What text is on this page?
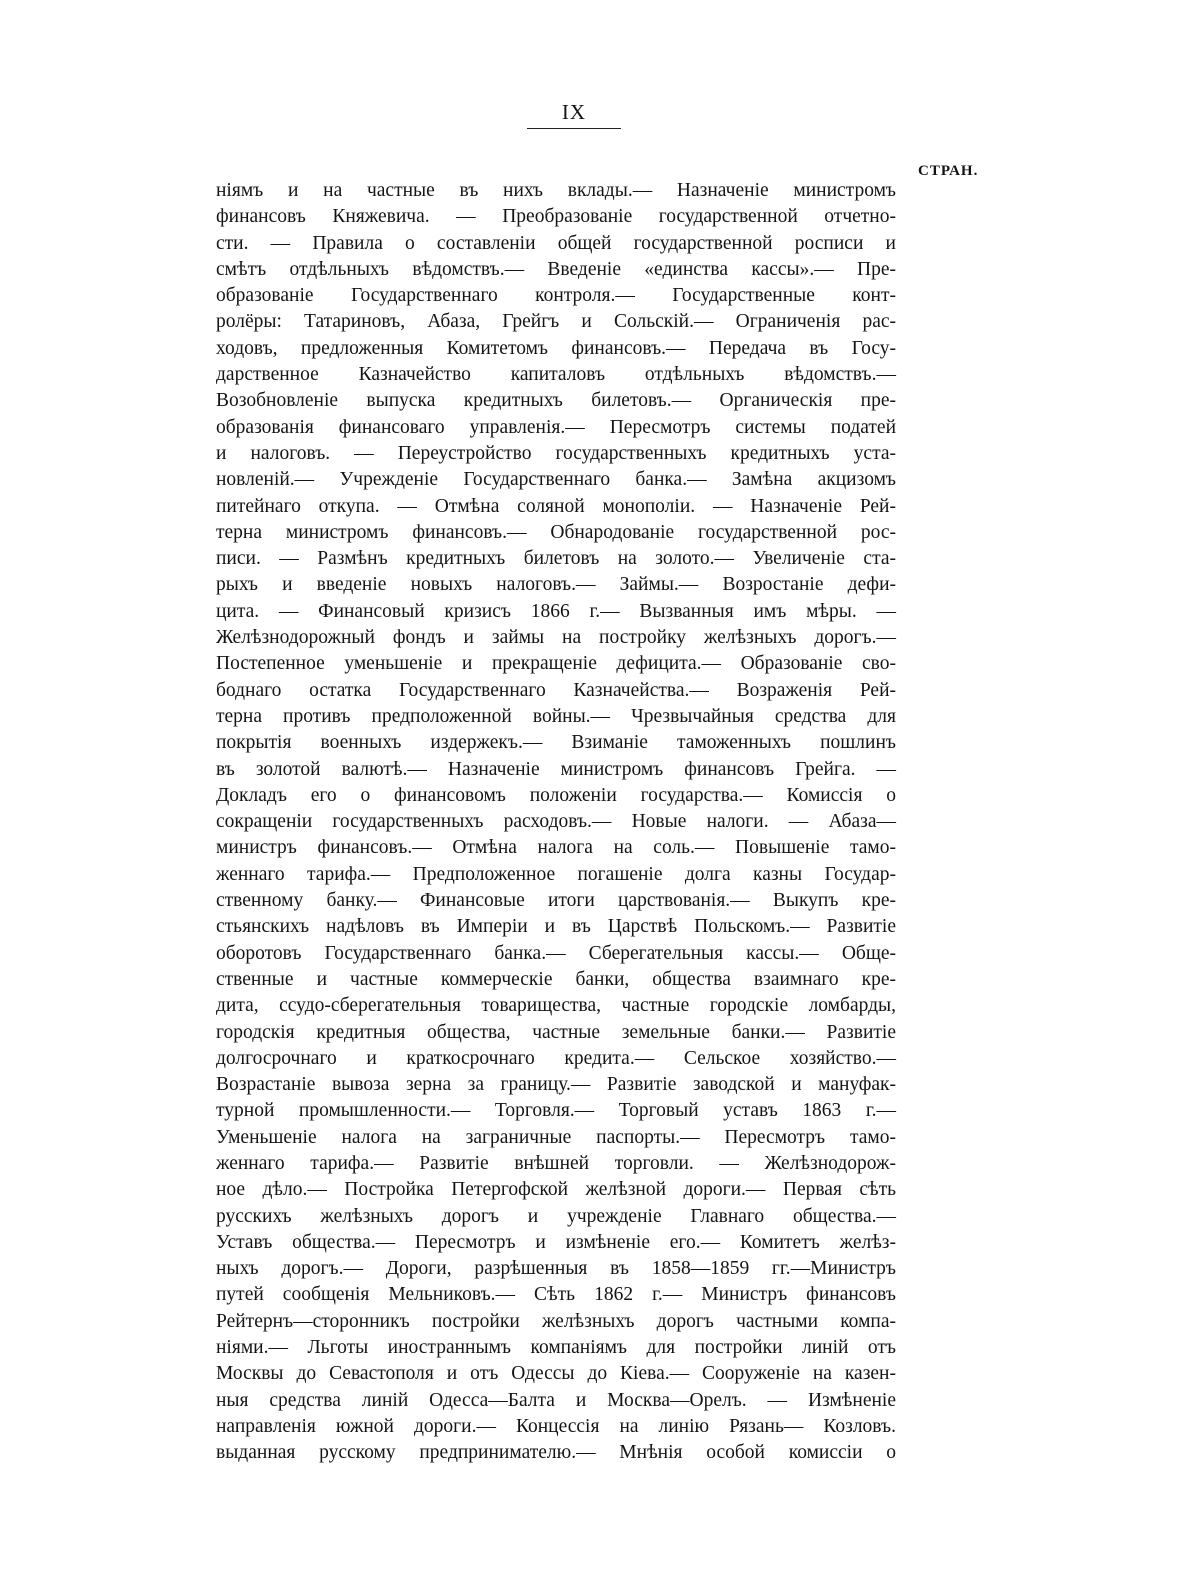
IX
СТРАН.
ніямъ и на частные въ нихъ вклады.— Назначеніе министромъ
финансовъ Княжевича. — Преобразованіе государственной отчетно-
сти. — Правила о составленіи общей государственной росписи и
смѣтъ отдѣльныхъ вѣдомствъ.— Введеніе «единства кассы».— Пре-
образованіе Государственнаго контроля.— Государственные конт-
ролёры: Татариновъ, Абаза, Грейгъ и Сольскій.— Ограниченія рас-
ходовъ, предложенныя Комитетомъ финансовъ.— Передача въ Госу-
дарственное Казначейство капиталовъ отдѣльныхъ вѣдомствъ.—
Возобновленіе выпуска кредитныхъ билетовъ.— Органическія пре-
образованія финансоваго управленія.— Пересмотръ системы податей
и налоговъ. — Переустройство государственныхъ кредитныхъ уста-
новленій.— Учрежденіе Государственнаго банка.— Замѣна акцизомъ
питейнаго откупа. — Отмѣна соляной монополіи. — Назначеніе Рей-
терна министромъ финансовъ.— Обнародованіе государственной рос-
писи. — Размѣнъ кредитныхъ билетовъ на золото.— Увеличеніе ста-
рыхъ и введеніе новыхъ налоговъ.— Займы.— Возростаніе дефи-
цита. — Финансовый кризисъ 1866 г.— Вызванныя имъ мѣры. —
Желѣзнодорожный фондъ и займы на постройку желѣзныхъ дорогъ.—
Постепенное уменьшеніе и прекращеніе дефицита.— Образованіе сво-
боднаго остатка Государственнаго Казначейства.— Возраженія Рей-
терна противъ предположенной войны.— Чрезвычайныя средства для
покрытія военныхъ издержекъ.— Взиманіе таможенныхъ пошлинъ
въ золотой валютѣ.— Назначеніе министромъ финансовъ Грейга. —
Докладъ его о финансовомъ положеніи государства.— Комиссія о
сокращеніи государственныхъ расходовъ.— Новые налоги. — Абаза—
министръ финансовъ.— Отмѣна налога на соль.— Повышеніе тамо-
женнаго тарифа.— Предположенное погашеніе долга казны Государ-
ственному банку.— Финансовые итоги царствованія.— Выкупъ кре-
стьянскихъ надѣловъ въ Имперіи и въ Царствѣ Польскомъ.— Развитіе
оборотовъ Государственнаго банка.— Сберегательныя кассы.— Обще-
ственные и частные коммерческіе банки, общества взаимнаго кре-
дита, ссудо-сберегательныя товарищества, частные городскіе ломбарды,
городскія кредитныя общества, частные земельные банки.— Развитіе
долгосрочнаго и краткосрочнаго кредита.— Сельское хозяйство.—
Возрастаніе вывоза зерна за границу.— Развитіе заводской и мануфак-
турной промышленности.— Торговля.— Торговый уставъ 1863 г.—
Уменьшеніе налога на заграничные паспорты.— Пересмотръ тамо-
женнаго тарифа.— Развитіе внѣшней торговли. — Желѣзнодорож-
ное дѣло.— Постройка Петергофской желѣзной дороги.— Первая сѣть
русскихъ желѣзныхъ дорогъ и учрежденіе Главнаго общества.—
Уставъ общества.— Пересмотръ и измѣненіе его.— Комитетъ желѣз-
ныхъ дорогъ.— Дороги, разрѣшенныя въ 1858—1859 гг.—Министръ
путей сообщенія Мельниковъ.— Сѣть 1862 г.— Министръ финансовъ
Рейтернъ—сторонникъ постройки желѣзныхъ дорогъ частными компа-
ніями.— Льготы иностраннымъ компаніямъ для постройки линій отъ
Москвы до Севастополя и отъ Одессы до Кіева.— Сооруженіе на казен-
ныя средства линій Одесса—Балта и Москва—Орелъ. — Измѣненіе
направленія южной дороги.— Концессія на линію Рязань— Козловъ.
выданная русскому предпринимателю.— Мнѣнія особой комиссіи о
